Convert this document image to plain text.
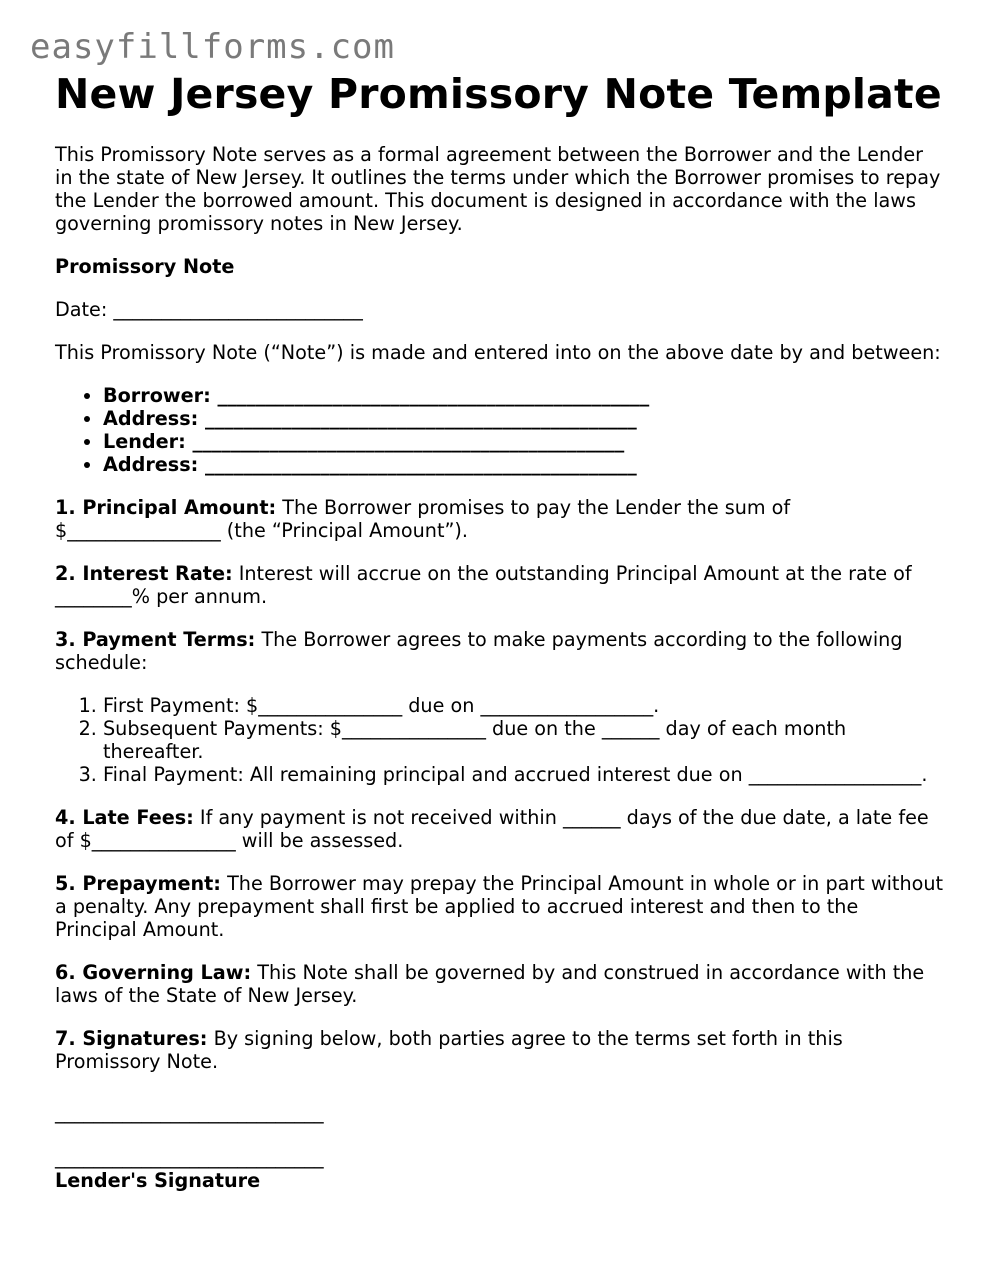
easyfillforms.com
New Jersey Promissory Note Template

This Promissory Note serves as a formal agreement between the Borrower and the Lender in the state of New Jersey. It outlines the terms under which the Borrower promises to repay the Lender the borrowed amount. This document is designed in accordance with the laws governing promissory notes in New Jersey.

Promissory Note

Date: __________________________

This Promissory Note (“Note”) is made and entered into on the above date by and between:

• Borrower: _____________________________________________
• Address: _____________________________________________
• Lender: _____________________________________________
• Address: _____________________________________________

1. Principal Amount: The Borrower promises to pay the Lender the sum of $________________ (the “Principal Amount”).

2. Interest Rate: Interest will accrue on the outstanding Principal Amount at the rate of ________% per annum.

3. Payment Terms: The Borrower agrees to make payments according to the following schedule:

1. First Payment: $_______________ due on __________________.
2. Subsequent Payments: $_______________ due on the ______ day of each month thereafter.
3. Final Payment: All remaining principal and accrued interest due on __________________.

4. Late Fees: If any payment is not received within ______ days of the due date, a late fee of $_______________ will be assessed.

5. Prepayment: The Borrower may prepay the Principal Amount in whole or in part without a penalty. Any prepayment shall first be applied to accrued interest and then to the Principal Amount.

6. Governing Law: This Note shall be governed by and construed in accordance with the laws of the State of New Jersey.

7. Signatures: By signing below, both parties agree to the terms set forth in this Promissory Note.

____________________________
____________________________
Lender's Signature
